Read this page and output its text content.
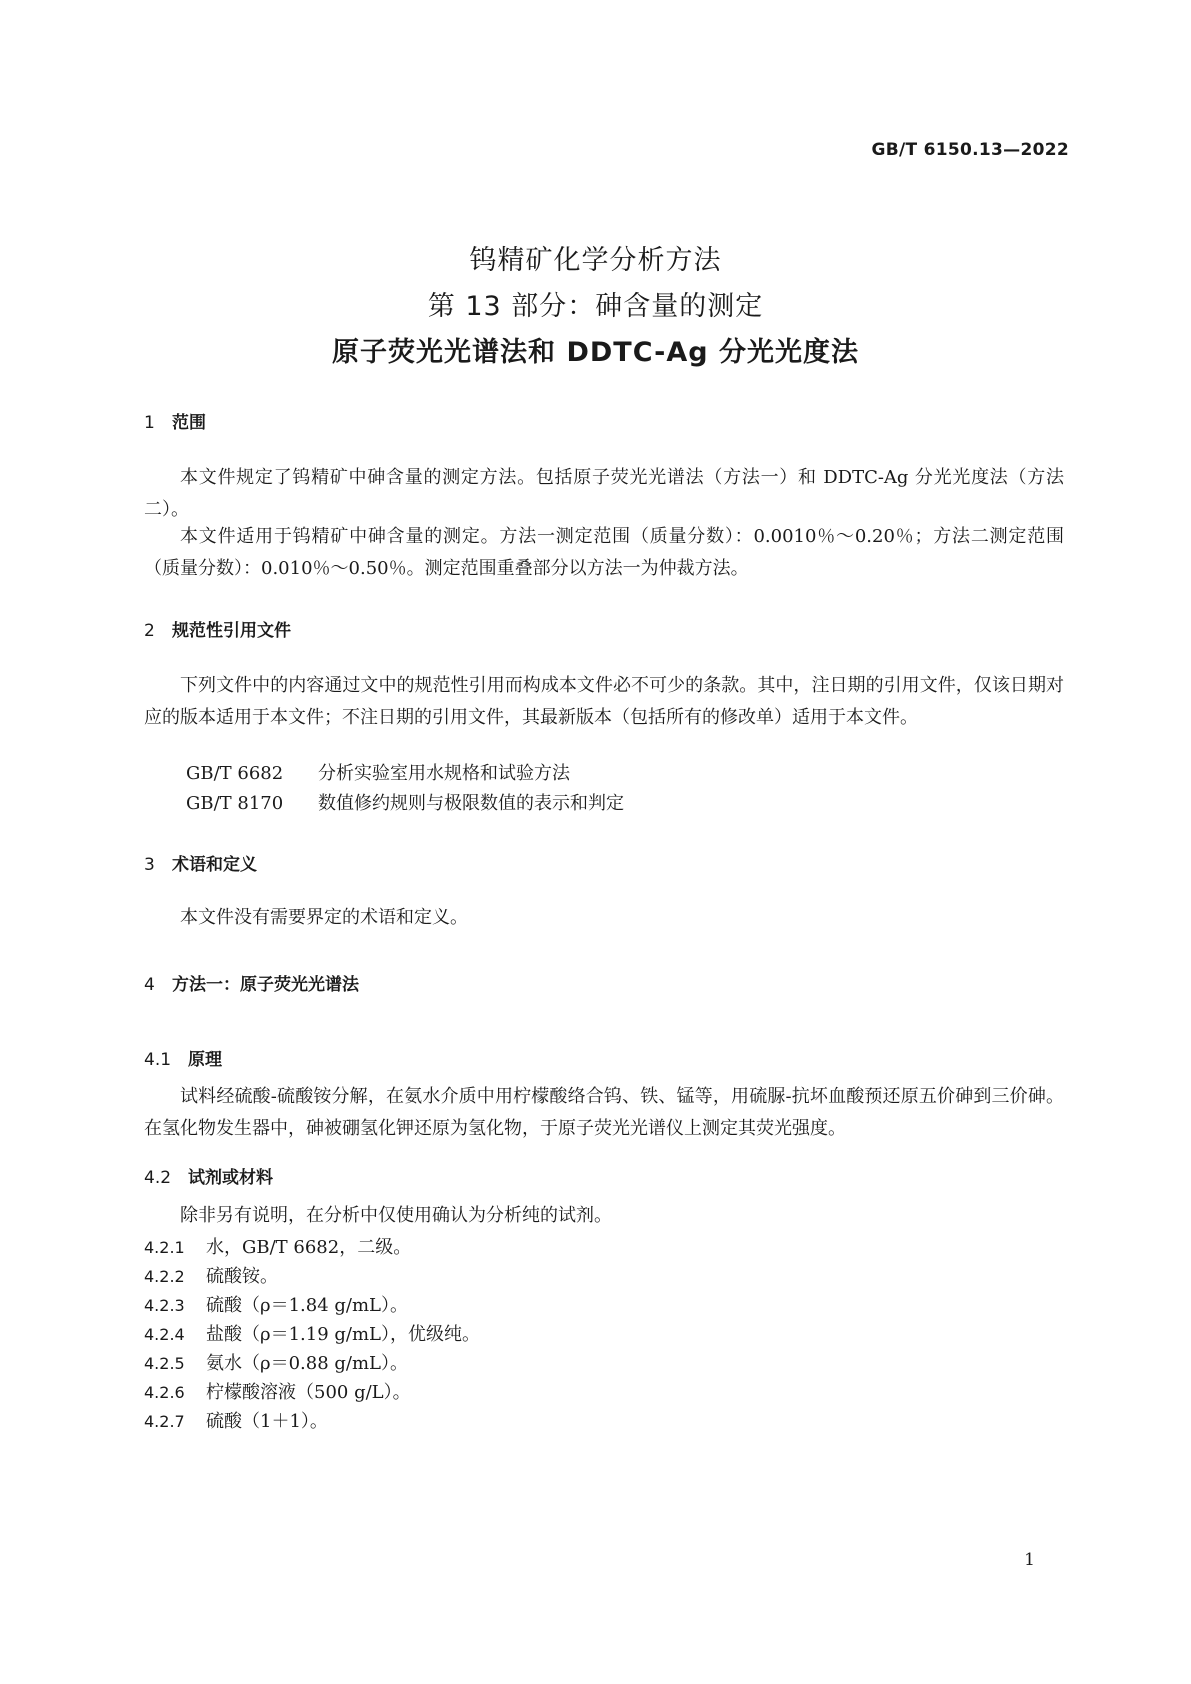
GB/T 6150.13—2022
钨精矿化学分析方法
第 13 部分：砷含量的测定
原子荧光光谱法和 DDTC-Ag 分光光度法
1 范围
本文件规定了钨精矿中砷含量的测定方法。包括原子荧光光谱法（方法一）和 DDTC-Ag 分光光度法（方法二）。
本文件适用于钨精矿中砷含量的测定。方法一测定范围（质量分数）：0.0010％～0.20％；方法二测定范围（质量分数）：0.010％～0.50％。测定范围重叠部分以方法一为仲裁方法。
2 规范性引用文件
下列文件中的内容通过文中的规范性引用而构成本文件必不可少的条款。其中，注日期的引用文件，仅该日期对应的版本适用于本文件；不注日期的引用文件，其最新版本（包括所有的修改单）适用于本文件。
GB/T 6682 分析实验室用水规格和试验方法
GB/T 8170 数值修约规则与极限数值的表示和判定
3 术语和定义
本文件没有需要界定的术语和定义。
4 方法一：原子荧光光谱法
4.1 原理
试料经硫酸-硫酸铵分解，在氨水介质中用柠檬酸络合钨、铁、锰等，用硫脲-抗坏血酸预还原五价砷到三价砷。在氢化物发生器中，砷被硼氢化钾还原为氢化物，于原子荧光光谱仪上测定其荧光强度。
4.2 试剂或材料
除非另有说明，在分析中仅使用确认为分析纯的试剂。
4.2.1 水，GB/T 6682，二级。
4.2.2 硫酸铵。
4.2.3 硫酸（ρ＝1.84 g/mL）。
4.2.4 盐酸（ρ＝1.19 g/mL），优级纯。
4.2.5 氨水（ρ＝0.88 g/mL）。
4.2.6 柠檬酸溶液（500 g/L）。
4.2.7 硫酸（1＋1）。
1
